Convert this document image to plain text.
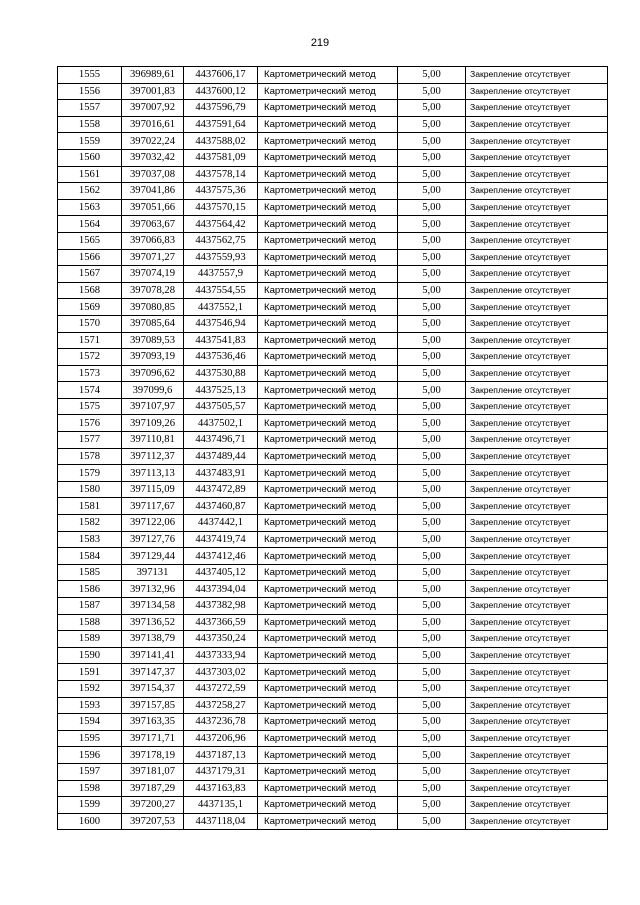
219
1555	396989,61	4437606,17	Картометрический метод	5,00	Закрепление отсутствует
1556	397001,83	4437600,12	Картометрический метод	5,00	Закрепление отсутствует
1557	397007,92	4437596,79	Картометрический метод	5,00	Закрепление отсутствует
1558	397016,61	4437591,64	Картометрический метод	5,00	Закрепление отсутствует
1559	397022,24	4437588,02	Картометрический метод	5,00	Закрепление отсутствует
1560	397032,42	4437581,09	Картометрический метод	5,00	Закрепление отсутствует
1561	397037,08	4437578,14	Картометрический метод	5,00	Закрепление отсутствует
1562	397041,86	4437575,36	Картометрический метод	5,00	Закрепление отсутствует
1563	397051,66	4437570,15	Картометрический метод	5,00	Закрепление отсутствует
1564	397063,67	4437564,42	Картометрический метод	5,00	Закрепление отсутствует
1565	397066,83	4437562,75	Картометрический метод	5,00	Закрепление отсутствует
1566	397071,27	4437559,93	Картометрический метод	5,00	Закрепление отсутствует
1567	397074,19	4437557,9	Картометрический метод	5,00	Закрепление отсутствует
1568	397078,28	4437554,55	Картометрический метод	5,00	Закрепление отсутствует
1569	397080,85	4437552,1	Картометрический метод	5,00	Закрепление отсутствует
1570	397085,64	4437546,94	Картометрический метод	5,00	Закрепление отсутствует
1571	397089,53	4437541,83	Картометрический метод	5,00	Закрепление отсутствует
1572	397093,19	4437536,46	Картометрический метод	5,00	Закрепление отсутствует
1573	397096,62	4437530,88	Картометрический метод	5,00	Закрепление отсутствует
1574	397099,6	4437525,13	Картометрический метод	5,00	Закрепление отсутствует
1575	397107,97	4437505,57	Картометрический метод	5,00	Закрепление отсутствует
1576	397109,26	4437502,1	Картометрический метод	5,00	Закрепление отсутствует
1577	397110,81	4437496,71	Картометрический метод	5,00	Закрепление отсутствует
1578	397112,37	4437489,44	Картометрический метод	5,00	Закрепление отсутствует
1579	397113,13	4437483,91	Картометрический метод	5,00	Закрепление отсутствует
1580	397115,09	4437472,89	Картометрический метод	5,00	Закрепление отсутствует
1581	397117,67	4437460,87	Картометрический метод	5,00	Закрепление отсутствует
1582	397122,06	4437442,1	Картометрический метод	5,00	Закрепление отсутствует
1583	397127,76	4437419,74	Картометрический метод	5,00	Закрепление отсутствует
1584	397129,44	4437412,46	Картометрический метод	5,00	Закрепление отсутствует
1585	397131	4437405,12	Картометрический метод	5,00	Закрепление отсутствует
1586	397132,96	4437394,04	Картометрический метод	5,00	Закрепление отсутствует
1587	397134,58	4437382,98	Картометрический метод	5,00	Закрепление отсутствует
1588	397136,52	4437366,59	Картометрический метод	5,00	Закрепление отсутствует
1589	397138,79	4437350,24	Картометрический метод	5,00	Закрепление отсутствует
1590	397141,41	4437333,94	Картометрический метод	5,00	Закрепление отсутствует
1591	397147,37	4437303,02	Картометрический метод	5,00	Закрепление отсутствует
1592	397154,37	4437272,59	Картометрический метод	5,00	Закрепление отсутствует
1593	397157,85	4437258,27	Картометрический метод	5,00	Закрепление отсутствует
1594	397163,35	4437236,78	Картометрический метод	5,00	Закрепление отсутствует
1595	397171,71	4437206,96	Картометрический метод	5,00	Закрепление отсутствует
1596	397178,19	4437187,13	Картометрический метод	5,00	Закрепление отсутствует
1597	397181,07	4437179,31	Картометрический метод	5,00	Закрепление отсутствует
1598	397187,29	4437163,83	Картометрический метод	5,00	Закрепление отсутствует
1599	397200,27	4437135,1	Картометрический метод	5,00	Закрепление отсутствует
1600	397207,53	4437118,04	Картометрический метод	5,00	Закрепление отсутствует
